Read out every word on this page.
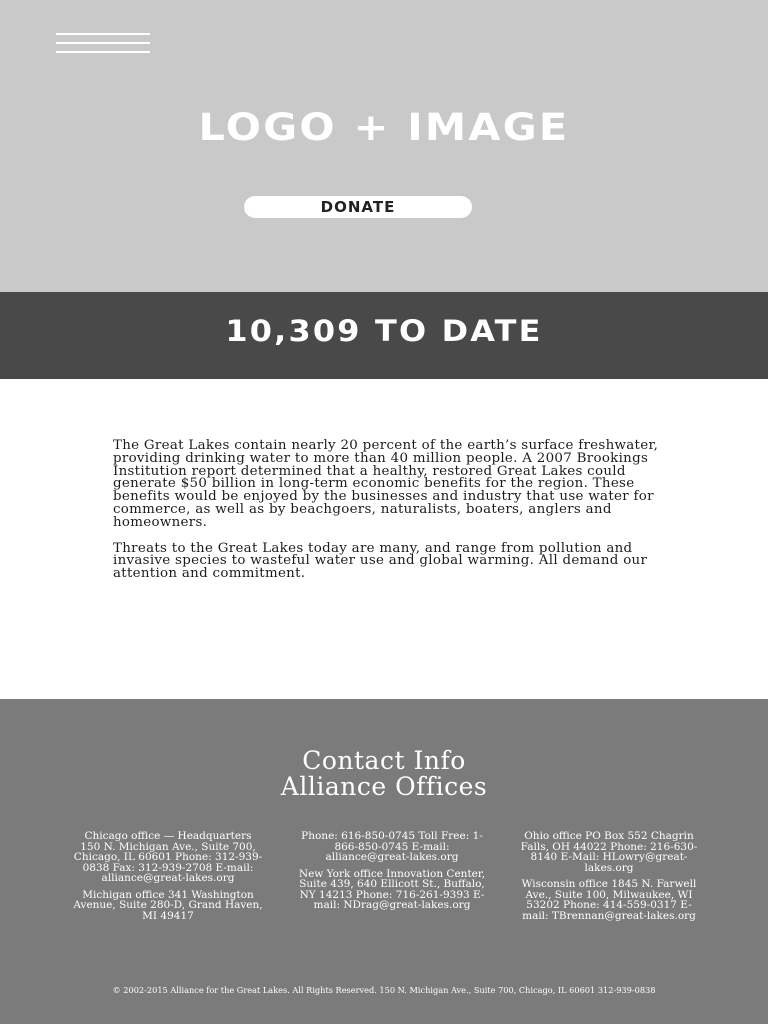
LOGO + IMAGE
DONATE
10,309 TO DATE

The Great Lakes contain nearly 20 percent of the earth’s surface freshwater, providing drinking water to more than 40 million people. A 2007 Brookings Institution report determined that a healthy, restored Great Lakes could generate $50 billion in long-term economic benefits for the region. These benefits would be enjoyed by the businesses and industry that use water for commerce, as well as by beachgoers, naturalists, boaters, anglers and homeowners.

Threats to the Great Lakes today are many, and range from pollution and invasive species to wasteful water use and global warming. All demand our attention and commitment.

Contact Info
Alliance Offices

Chicago office — Headquarters 150 N. Michigan Ave., Suite 700, Chicago, IL 60601 Phone: 312-939-0838 Fax: 312-939-2708 E-mail: alliance@great-lakes.org

Michigan office 341 Washington Avenue, Suite 280-D, Grand Haven, MI 49417

Phone: 616-850-0745 Toll Free: 1-866-850-0745 E-mail: alliance@great-lakes.org

New York office Innovation Center, Suite 439, 640 Ellicott St., Buffalo, NY 14213 Phone: 716-261-9393 E-mail: NDrag@great-lakes.org

Ohio office PO Box 552 Chagrin Falls, OH 44022 Phone: 216-630-8140 E-Mail: HLowry@great-lakes.org

Wisconsin office 1845 N. Farwell Ave., Suite 100, Milwaukee, WI 53202 Phone: 414-559-0317 E-mail: TBrennan@great-lakes.org

© 2002-2015 Alliance for the Great Lakes. All Rights Reserved. 150 N. Michigan Ave., Suite 700, Chicago, IL 60601 312-939-0838
